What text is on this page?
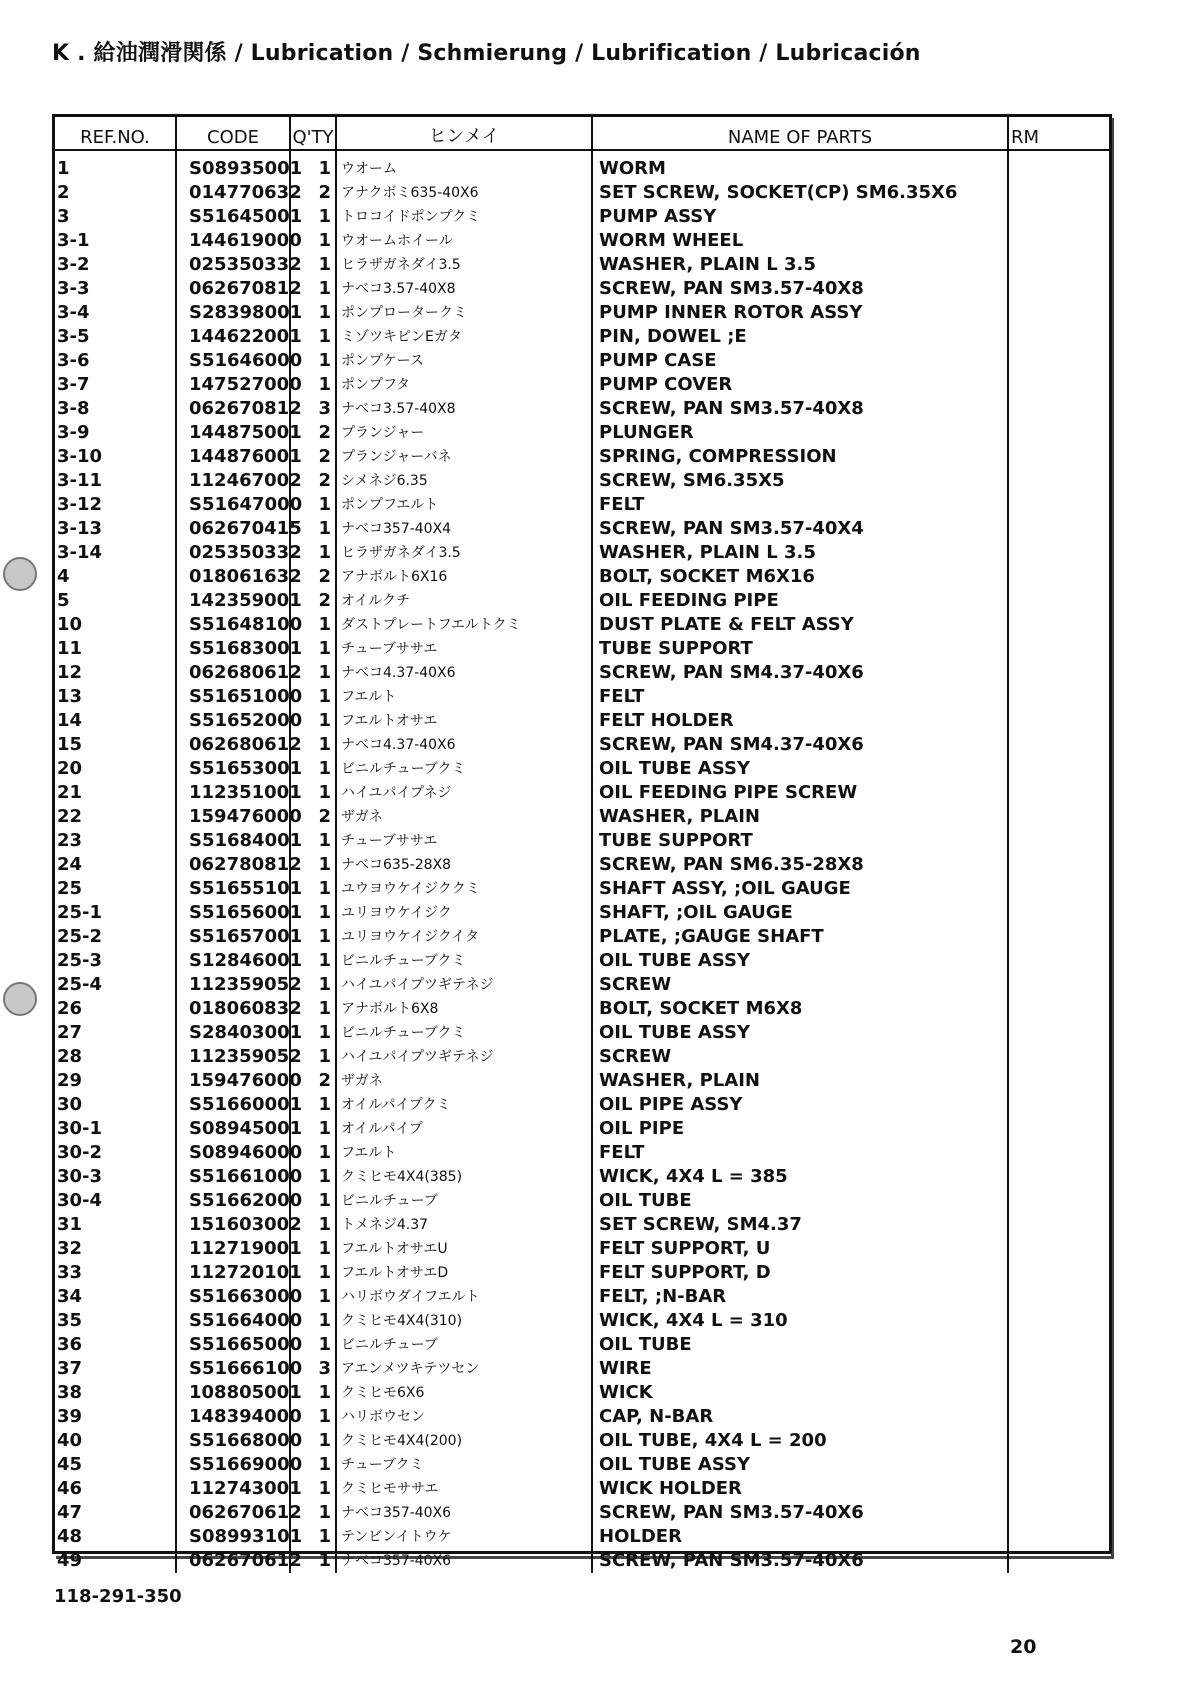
K . 給油潤滑関係 / Lubrication / Schmierung / Lubrification / Lubricación
REF.NO.	CODE	Q'TY	ヒンメイ	NAME OF PARTS	RM
1	S08935001	1	ウオーム	WORM	
2	014770632	2	アナクボミ635-40X6	SET SCREW, SOCKET(CP) SM6.35X6	
3	S51645001	1	トロコイドポンプクミ	PUMP ASSY	
3-1	144619000	1	ウオームホイール	WORM WHEEL	
3-2	025350332	1	ヒラザガネダイ3.5	WASHER, PLAIN L 3.5	
3-3	062670812	1	ナベコ3.57-40X8	SCREW, PAN SM3.57-40X8	
3-4	S28398001	1	ポンプロータークミ	PUMP INNER ROTOR ASSY	
3-5	144622001	1	ミゾツキピンEガタ	PIN, DOWEL ;E	
3-6	S51646000	1	ポンプケース	PUMP CASE	
3-7	147527000	1	ポンプフタ	PUMP COVER	
3-8	062670812	3	ナベコ3.57-40X8	SCREW, PAN SM3.57-40X8	
3-9	144875001	2	プランジャー	PLUNGER	
3-10	144876001	2	プランジャーバネ	SPRING, COMPRESSION	
3-11	112467002	2	シメネジ6.35	SCREW, SM6.35X5	
3-12	S51647000	1	ポンプフエルト	FELT	
3-13	062670415	1	ナベコ357-40X4	SCREW, PAN SM3.57-40X4	
3-14	025350332	1	ヒラザガネダイ3.5	WASHER, PLAIN L 3.5	
4	018061632	2	アナボルト6X16	BOLT, SOCKET M6X16	
5	142359001	2	オイルクチ	OIL FEEDING PIPE	
10	S51648100	1	ダストプレートフエルトクミ	DUST PLATE & FELT ASSY	
11	S51683001	1	チューブササエ	TUBE SUPPORT	
12	062680612	1	ナベコ4.37-40X6	SCREW, PAN SM4.37-40X6	
13	S51651000	1	フエルト	FELT	
14	S51652000	1	フエルトオサエ	FELT HOLDER	
15	062680612	1	ナベコ4.37-40X6	SCREW, PAN SM4.37-40X6	
20	S51653001	1	ビニルチューブクミ	OIL TUBE ASSY	
21	112351001	1	ハイユパイプネジ	OIL FEEDING PIPE SCREW	
22	159476000	2	ザガネ	WASHER, PLAIN	
23	S51684001	1	チューブササエ	TUBE SUPPORT	
24	062780812	1	ナベコ635-28X8	SCREW, PAN SM6.35-28X8	
25	S51655101	1	ユウヨウケイジククミ	SHAFT ASSY, ;OIL GAUGE	
25-1	S51656001	1	ユリヨウケイジク	SHAFT, ;OIL GAUGE	
25-2	S51657001	1	ユリヨウケイジクイタ	PLATE, ;GAUGE SHAFT	
25-3	S12846001	1	ビニルチューブクミ	OIL TUBE ASSY	
25-4	112359052	1	ハイユパイプツギテネジ	SCREW	
26	018060832	1	アナボルト6X8	BOLT, SOCKET M6X8	
27	S28403001	1	ビニルチューブクミ	OIL TUBE ASSY	
28	112359052	1	ハイユパイプツギテネジ	SCREW	
29	159476000	2	ザガネ	WASHER, PLAIN	
30	S51660001	1	オイルパイプクミ	OIL PIPE ASSY	
30-1	S08945001	1	オイルパイプ	OIL PIPE	
30-2	S08946000	1	フエルト	FELT	
30-3	S51661000	1	クミヒモ4X4(385)	WICK, 4X4 L = 385	
30-4	S51662000	1	ビニルチューブ	OIL TUBE	
31	151603002	1	トメネジ4.37	SET SCREW, SM4.37	
32	112719001	1	フエルトオサエU	FELT SUPPORT, U	
33	112720101	1	フエルトオサエD	FELT SUPPORT, D	
34	S51663000	1	ハリボウダイフエルト	FELT, ;N-BAR	
35	S51664000	1	クミヒモ4X4(310)	WICK, 4X4 L = 310	
36	S51665000	1	ビニルチューブ	OIL TUBE	
37	S51666100	3	アエンメツキテツセン	WIRE	
38	108805001	1	クミヒモ6X6	WICK	
39	148394000	1	ハリボウセン	CAP, N-BAR	
40	S51668000	1	クミヒモ4X4(200)	OIL TUBE, 4X4 L = 200	
45	S51669000	1	チューブクミ	OIL TUBE ASSY	
46	112743001	1	クミヒモササエ	WICK HOLDER	
47	062670612	1	ナベコ357-40X6	SCREW, PAN SM3.57-40X6	
48	S08993101	1	テンビンイトウケ	HOLDER	
49	062670612	1	ナベコ357-40X6	SCREW, PAN SM3.57-40X6	
118-291-350
20
